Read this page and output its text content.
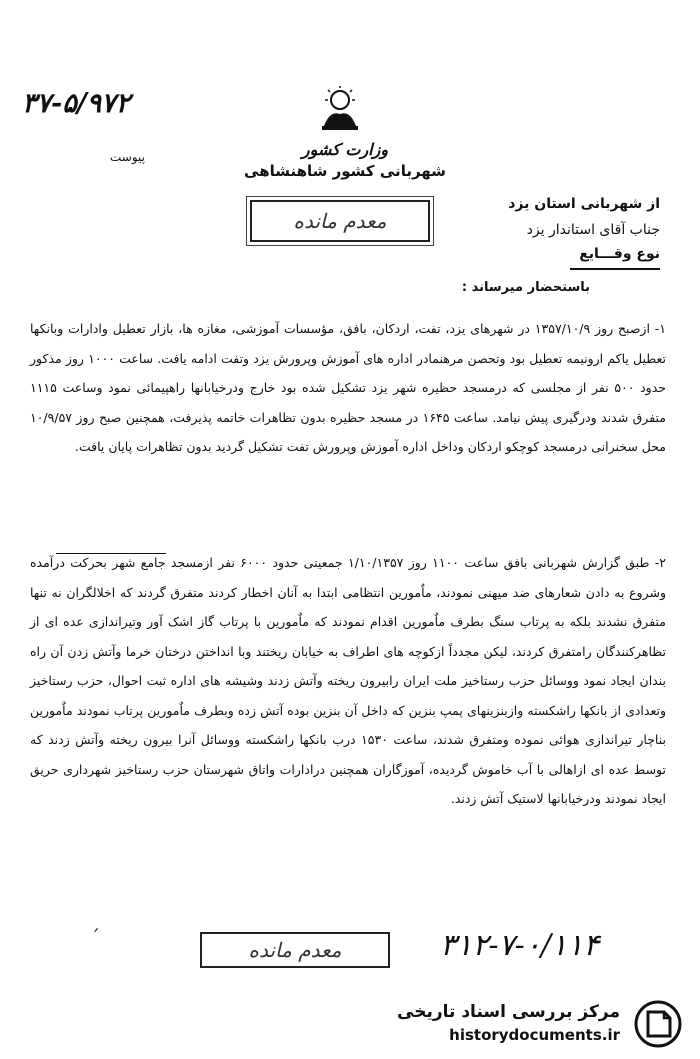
۳۷-۵/۹۷۲
پیوست	وزارت کشور
شهربانی کشور شاهنشاهی
معدم مانده
از شهربانی استان یزد
جناب آقای استاندار یزد
نوع وقـــایع
باستحضار میرساند :
۱- ازصبح روز ۱۳۵۷/۱۰/۹ در شهرهای یزد، تفت، اردکان، بافق، مؤسسات آموزشی، مغازه ها، بازار تعطیل وادارات وبانکها تعطیل یاکم ارونیمه تعطیل بود وتحصن مرهنمادر اداره های آموزش وپرورش یزد وتفت ادامه یافت. ساعت ۱۰۰۰ روز مذکور حدود ۵۰۰ نفر از مجلسی که درمسجد حظیره شهر یزد تشکیل شده بود خارج ودرخیابانها راهپیمائی نمود وساعت ۱۱۱۵ متفرق شدند ودرگیری پیش نیامد. ساعت ۱۶۴۵ در مسجد حظیره بدون تظاهرات خاتمه پذیرفت، همچنین صبح روز ۱۰/۹/۵۷ محل سخنرانی درمسجد کوچکو اردکان وداخل اداره آموزش وپرورش تفت تشکیل گردید بدون تظاهرات پایان یافت.
۲- طبق گزارش شهربانی بافق ساعت ۱۱۰۰ روز ۱/۱۰/۱۳۵۷ جمعیتی حدود ۶۰۰۰ نفر ازمسجد جامع شهر بحرکت درآمده وشروع به دادن شعارهای ضد میهنی نمودند، ماٌمورین انتظامی ابتدا به آنان اخطار کردند متفرق گردند که اخلالگران نه تنها متفرق نشدند بلکه به پرتاب سنگ بطرف ماٌمورین اقدام نمودند که ماٌمورین با پرتاب گاز اشک آور وتیراندازی عده ای از تظاهرکنندگان رامتفرق کردند، لیکن مجدداً ازکوچه های اطراف به خیابان ریختند وبا انداختن درختان خرما وآتش زدن آن راه بندان ایجاد نمود ووسائل حزب رستاخیز ملت ایران رابیرون ریخته وآتش زدند وشیشه های اداره ثبت احوال، حزب رستاخیز وتعدادی از بانکها راشکسته وازبنزینهای پمپ بنزین که داخل آن بنزین بوده آتش زده وبطرف ماٌمورین پرتاب نمودند ماٌمورین بناچار تیراندازی هوائی نموده ومتفرق شدند، ساعت ۱۵۳۰ درب بانکها راشکسته ووسائل آنرا بیرون ریخته وآتش زدند که توسط عده ای ازاهالی با آب خاموش گردیده، آموزگاران همچنین درادارات واتاق شهرستان حزب رستاخیز شهرداری حریق ایجاد نمودند ودرخیابانها لاستیک آتش زدند.
′
معدم مانده	۳۱۲-۷-۰/۱۱۴
مرکز بررسی اسناد تاریخی
historydocuments.ir
